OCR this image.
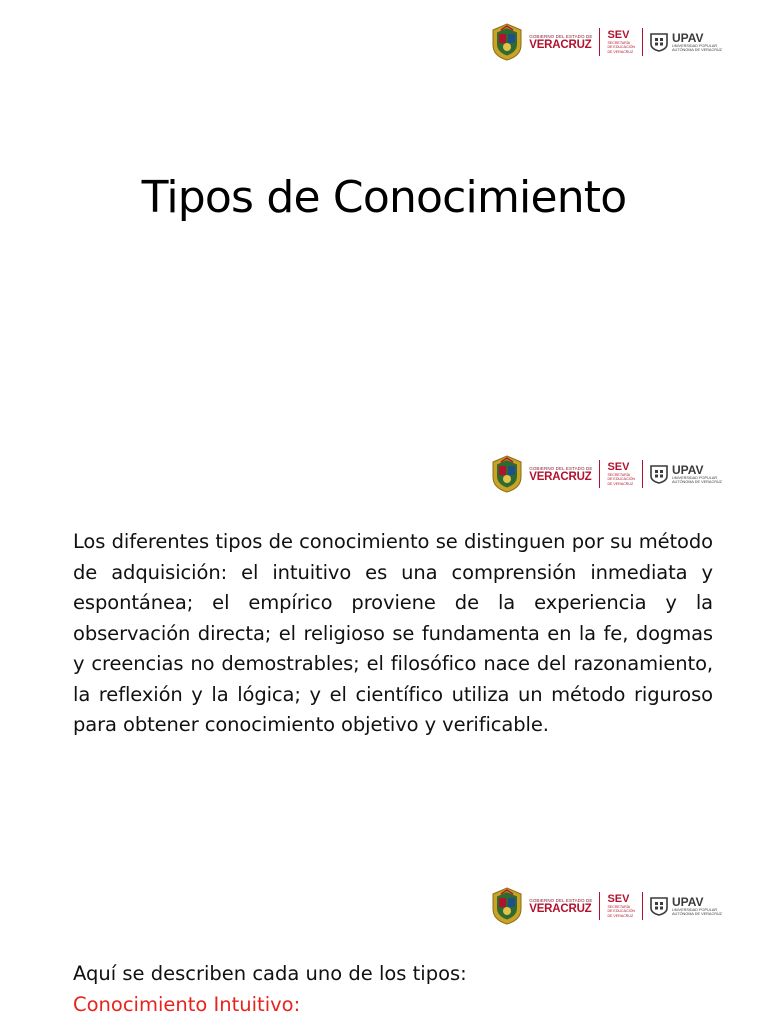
GOBIERNO DEL ESTADO DE
VERACRUZ
SEV
SECRETARÍA
DE EDUCACIÓN
DE VERACRUZ
UPAV
UNIVERSIDAD POPULAR
AUTÓNOMA DE VERACRUZ
Tipos de Conocimiento
GOBIERNO DEL ESTADO DE
VERACRUZ
SEV
SECRETARÍA
DE EDUCACIÓN
DE VERACRUZ
UPAV
UNIVERSIDAD POPULAR
AUTÓNOMA DE VERACRUZ

Los diferentes tipos de conocimiento se distinguen por su método de adquisición: el intuitivo es una comprensión inmediata y espontánea; el empírico proviene de la experiencia y la observación directa; el religioso se fundamenta en la fe, dogmas y creencias no demostrables; el filosófico nace del razonamiento, la reflexión y la lógica; y el científico utiliza un método riguroso para obtener conocimiento objetivo y verificable.

GOBIERNO DEL ESTADO DE
VERACRUZ
SEV
SECRETARÍA
DE EDUCACIÓN
DE VERACRUZ
UPAV
UNIVERSIDAD POPULAR
AUTÓNOMA DE VERACRUZ

Aquí se describen cada uno de los tipos:

Conocimiento Intuitivo:
